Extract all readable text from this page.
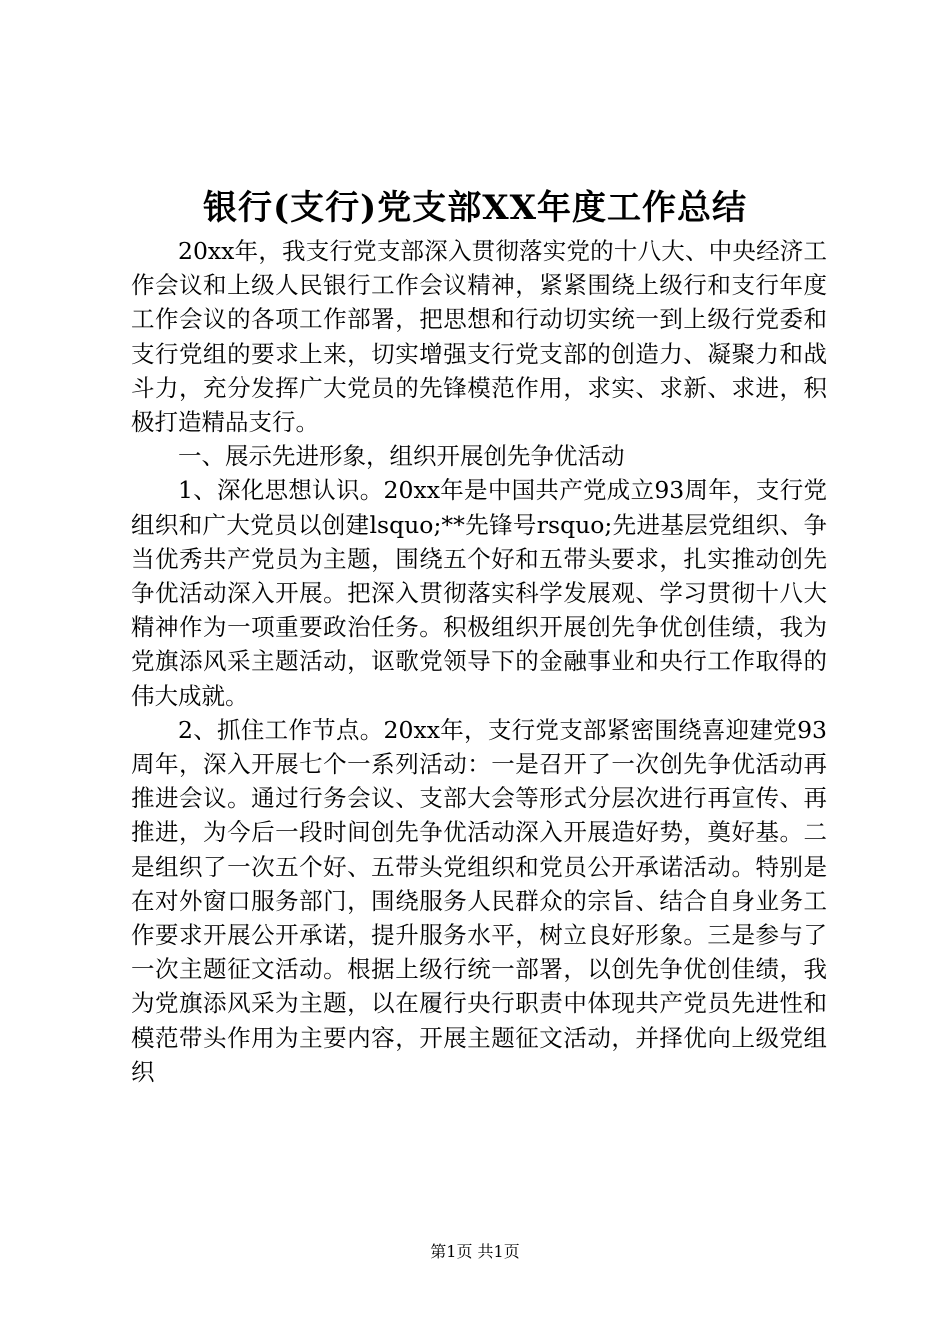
银行(支行)党支部XX年度工作总结

20xx年，我支行党支部深入贯彻落实党的十八大、中央经济工作会议和上级人民银行工作会议精神，紧紧围绕上级行和支行年度工作会议的各项工作部署，把思想和行动切实统一到上级行党委和支行党组的要求上来，切实增强支行党支部的创造力、凝聚力和战斗力，充分发挥广大党员的先锋模范作用，求实、求新、求进，积极打造精品支行。

一、展示先进形象，组织开展创先争优活动

1、深化思想认识。20xx年是中国共产党成立93周年，支行党组织和广大党员以创建lsquo;**先锋号rsquo;先进基层党组织、争当优秀共产党员为主题，围绕五个好和五带头要求，扎实推动创先争优活动深入开展。把深入贯彻落实科学发展观、学习贯彻十八大精神作为一项重要政治任务。积极组织开展创先争优创佳绩，我为党旗添风采主题活动，讴歌党领导下的金融事业和央行工作取得的伟大成就。

2、抓住工作节点。20xx年，支行党支部紧密围绕喜迎建党93周年，深入开展七个一系列活动：一是召开了一次创先争优活动再推进会议。通过行务会议、支部大会等形式分层次进行再宣传、再推进，为今后一段时间创先争优活动深入开展造好势，奠好基。二是组织了一次五个好、五带头党组织和党员公开承诺活动。特别是在对外窗口服务部门，围绕服务人民群众的宗旨、结合自身业务工作要求开展公开承诺，提升服务水平，树立良好形象。三是参与了一次主题征文活动。根据上级行统一部署，以创先争优创佳绩，我为党旗添风采为主题，以在履行央行职责中体现共产党员先进性和模范带头作用为主要内容，开展主题征文活动，并择优向上级党组织

第1页 共1页
